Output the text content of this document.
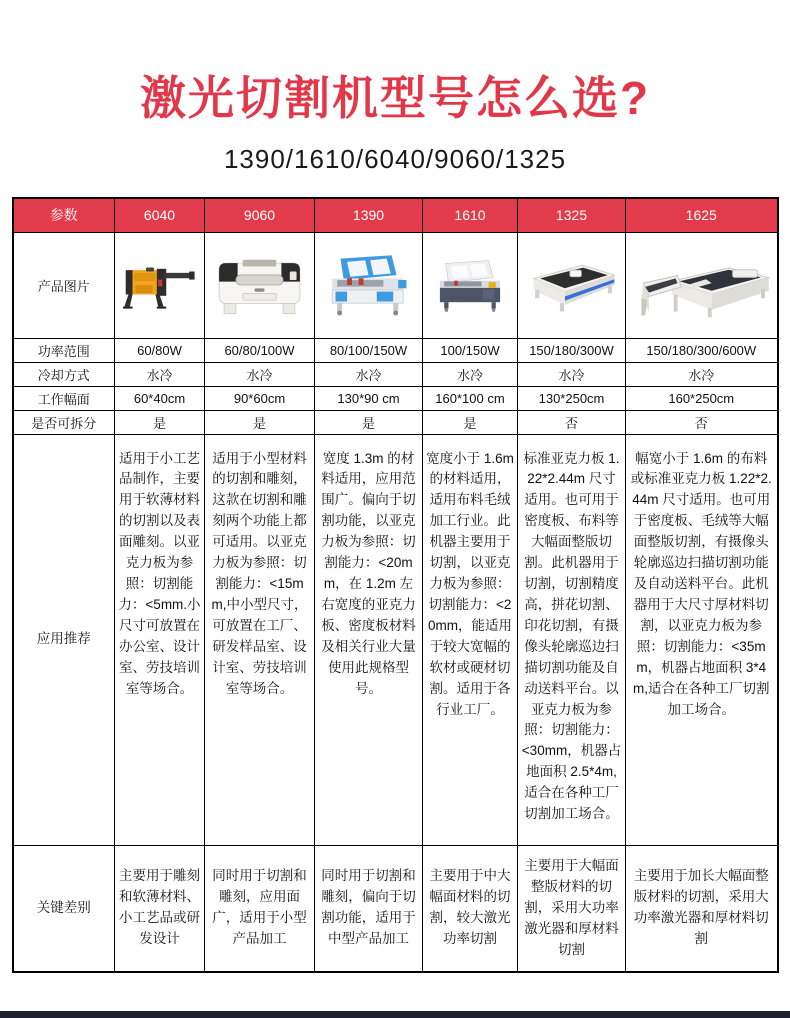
激光切割机型号怎么选?
1390/1610/6040/9060/1325
参数	6040	9060	1390	1610	1325	1625
产品图片	

功率范围	60/80W	60/80/100W	80/100/150W	100/150W	150/180/300W	150/180/300/600W
冷却方式	水冷	水冷	水冷	水冷	水冷	水冷
工作幅面	60*40cm	90*60cm	130*90 cm	160*100 cm	130*250cm	160*250cm
是否可拆分	是	是	是	是	否	否
应用推荐	适用于小工艺品制作，主要用于软薄材料的切割以及表面雕刻。以亚克力板为参照：切割能力：<5mm.小尺寸可放置在办公室、设计室、劳技培训室等场合。	适用于小型材料的切割和雕刻，这款在切割和雕刻两个功能上都可适用。以亚克力板为参照：切割能力：<15mm,中小型尺寸，可放置在工厂、研发样品室、设计室、劳技培训室等场合。	宽度 1.3m 的材料适用，应用范围广。偏向于切割功能，以亚克力板为参照：切割能力：<20mm，在 1.2m 左右宽度的亚克力板、密度板材料及相关行业大量使用此规格型号。	宽度小于 1.6m 的材料适用，适用布料毛绒加工行业。此机器主要用于切割，以亚克力板为参照：切割能力：<20mm，能适用于较大宽幅的软材或硬材切割。适用于各行业工厂。	标准亚克力板 1.22*2.44m 尺寸适用。也可用于密度板、布料等大幅面整版切割。此机器用于切割，切割精度高，拼花切割、印花切割，有摄像头轮廓巡边扫描切割功能及自动送料平台。以亚克力板为参照：切割能力：<30mm，机器占地面积 2.5*4m,适合在各种工厂切割加工场合。	幅宽小于 1.6m 的布料或标准亚克力板 1.22*2.44m 尺寸适用。也可用于密度板、毛绒等大幅面整版切割，有摄像头轮廓巡边扫描切割功能及自动送料平台。此机器用于大尺寸厚材料切割，以亚克力板为参照：切割能力：<35mm，机器占地面积 3*4m,适合在各种工厂切割加工场合。
关键差别	主要用于雕刻和软薄材料、小工艺品或研发设计	同时用于切割和雕刻，应用面广，适用于小型产品加工	同时用于切割和雕刻，偏向于切割功能，适用于中型产品加工	主要用于中大幅面材料的切割，较大激光功率切割	主要用于大幅面整版材料的切割，采用大功率激光器和厚材料切割	主要用于加长大幅面整版材料的切割，采用大功率激光器和厚材料切割
